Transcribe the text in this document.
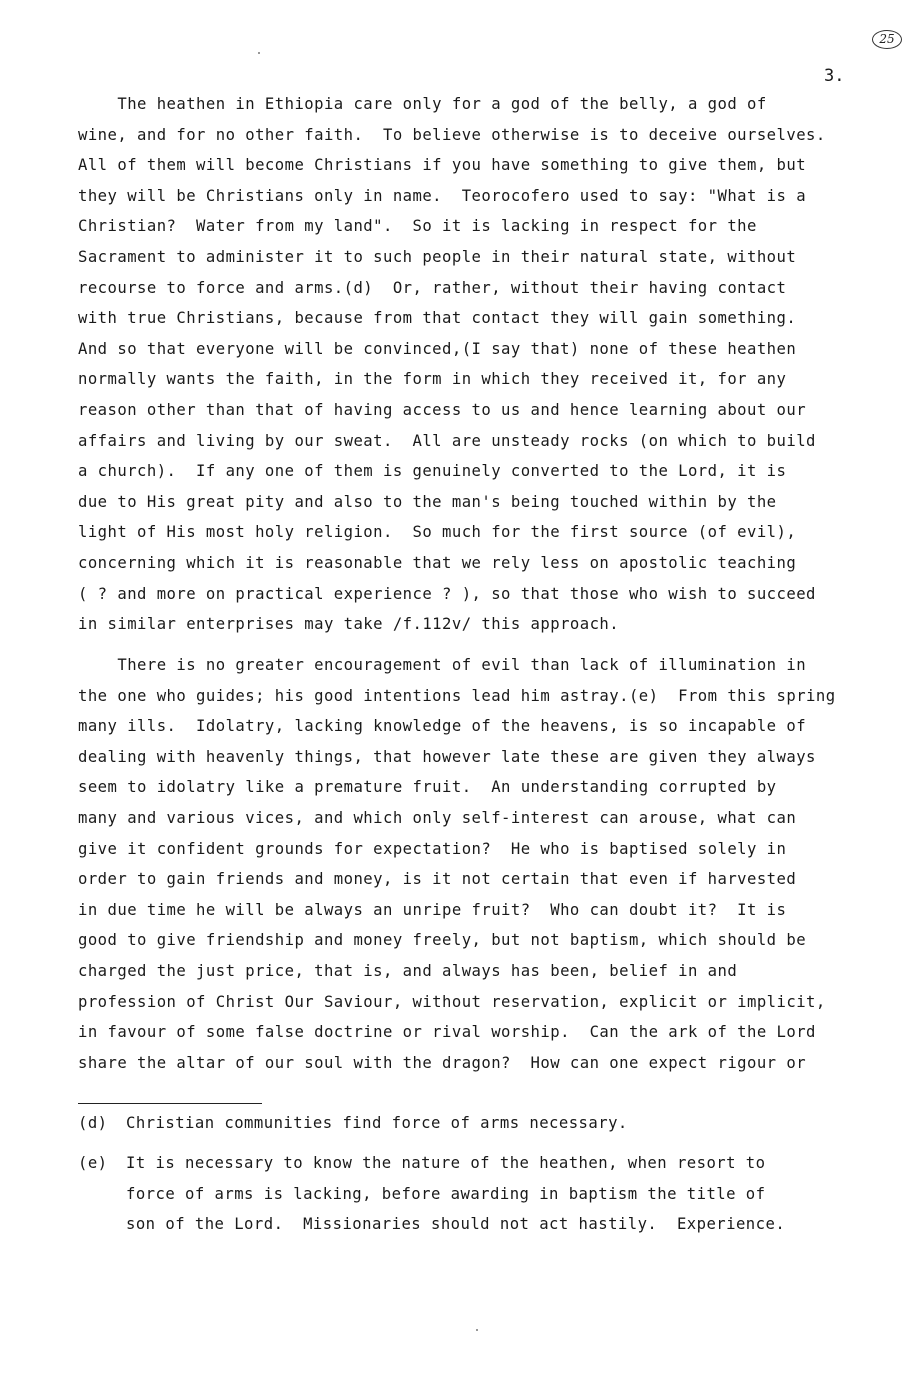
25
3.
The heathen in Ethiopia care only for a god of the belly, a god of
wine, and for no other faith.  To believe otherwise is to deceive ourselves.
All of them will become Christians if you have something to give them, but
they will be Christians only in name.  Teorocofero used to say: "What is a
Christian?  Water from my land".  So it is lacking in respect for the
Sacrament to administer it to such people in their natural state, without
recourse to force and arms.(d)  Or, rather, without their having contact
with true Christians, because from that contact they will gain something.
And so that everyone will be convinced,(I say that) none of these heathen
normally wants the faith, in the form in which they received it, for any
reason other than that of having access to us and hence learning about our
affairs and living by our sweat.  All are unsteady rocks (on which to build
a church).  If any one of them is genuinely converted to the Lord, it is
due to His great pity and also to the man's being touched within by the
light of His most holy religion.  So much for the first source (of evil),
concerning which it is reasonable that we rely less on apostolic teaching
( ? and more on practical experience ? ), so that those who wish to succeed
in similar enterprises may take /f.112v/ this approach.
There is no greater encouragement of evil than lack of illumination in
the one who guides; his good intentions lead him astray.(e)  From this spring
many ills.  Idolatry, lacking knowledge of the heavens, is so incapable of
dealing with heavenly things, that however late these are given they always
seem to idolatry like a premature fruit.  An understanding corrupted by
many and various vices, and which only self-interest can arouse, what can
give it confident grounds for expectation?  He who is baptised solely in
order to gain friends and money, is it not certain that even if harvested
in due time he will be always an unripe fruit?  Who can doubt it?  It is
good to give friendship and money freely, but not baptism, which should be
charged the just price, that is, and always has been, belief in and
profession of Christ Our Saviour, without reservation, explicit or implicit,
in favour of some false doctrine or rival worship.  Can the ark of the Lord
share the altar of our soul with the dragon?  How can one expect rigour or

(d)

Christian communities find force of arms necessary.

(e)

It is necessary to know the nature of the heathen, when resort to
force of arms is lacking, before awarding in baptism the title of
son of the Lord.  Missionaries should not act hastily.  Experience.
